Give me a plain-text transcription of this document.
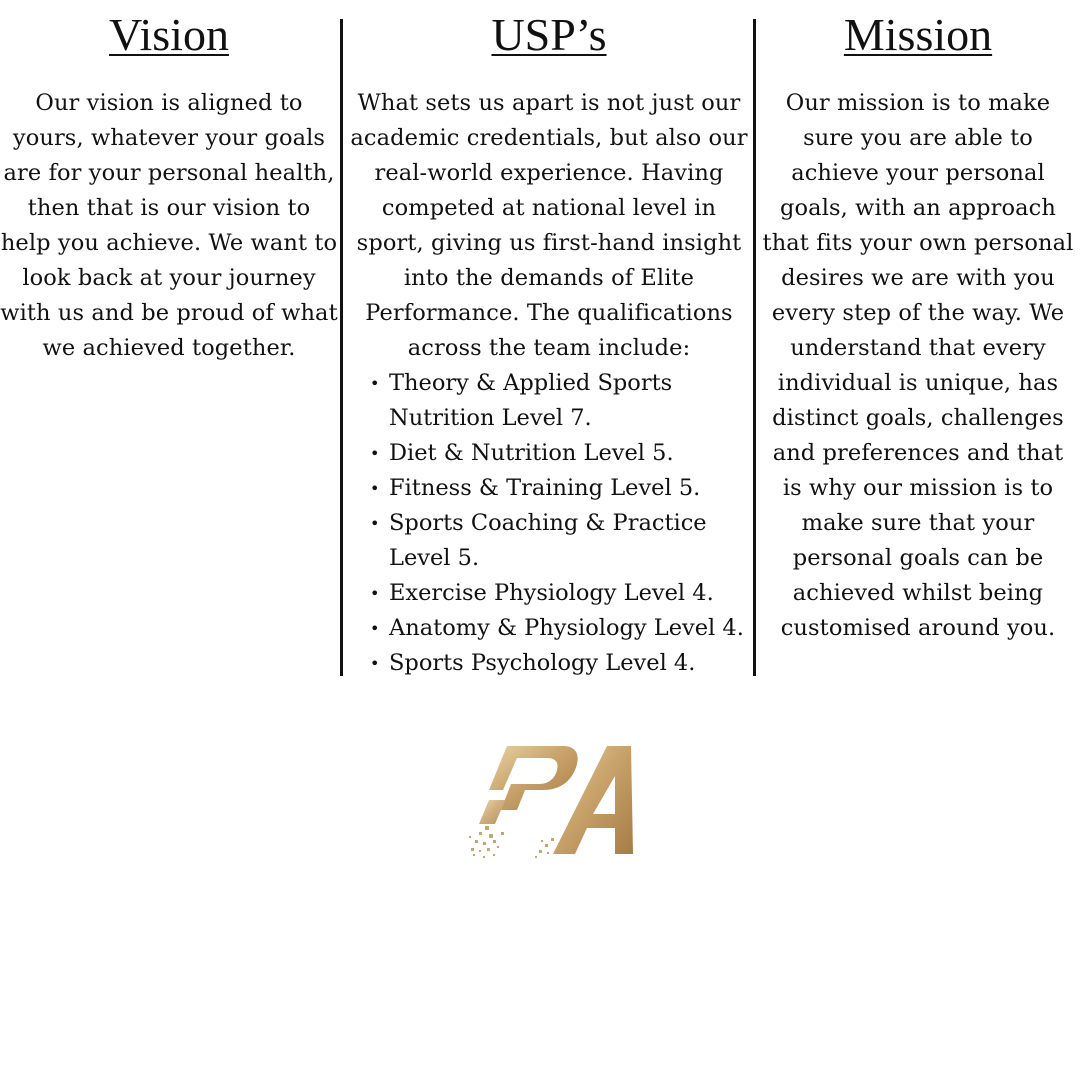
Vision

Our vision is aligned to yours, whatever your goals are for your personal health, then that is our vision to help you achieve. We want to look back at your journey with us and be proud of what we achieved together.

USP’s

What sets us apart is not just our academic credentials, but also our real-world experience. Having competed at national level in sport, giving us first-hand insight into the demands of Elite Performance. The qualifications across the team include:

• Theory & Applied Sports Nutrition Level 7.
• Diet & Nutrition Level 5.
• Fitness & Training Level 5.
• Sports Coaching & Practice Level 5.
• Exercise Physiology Level 4.
• Anatomy & Physiology Level 4.
• Sports Psychology Level 4.
Mission

Our mission is to make sure you are able to achieve your personal goals, with an approach that fits your own personal desires we are with you every step of the way. We understand that every individual is unique, has distinct goals, challenges and preferences and that is why our mission is to make sure that your personal goals can be achieved whilst being customised around you.
